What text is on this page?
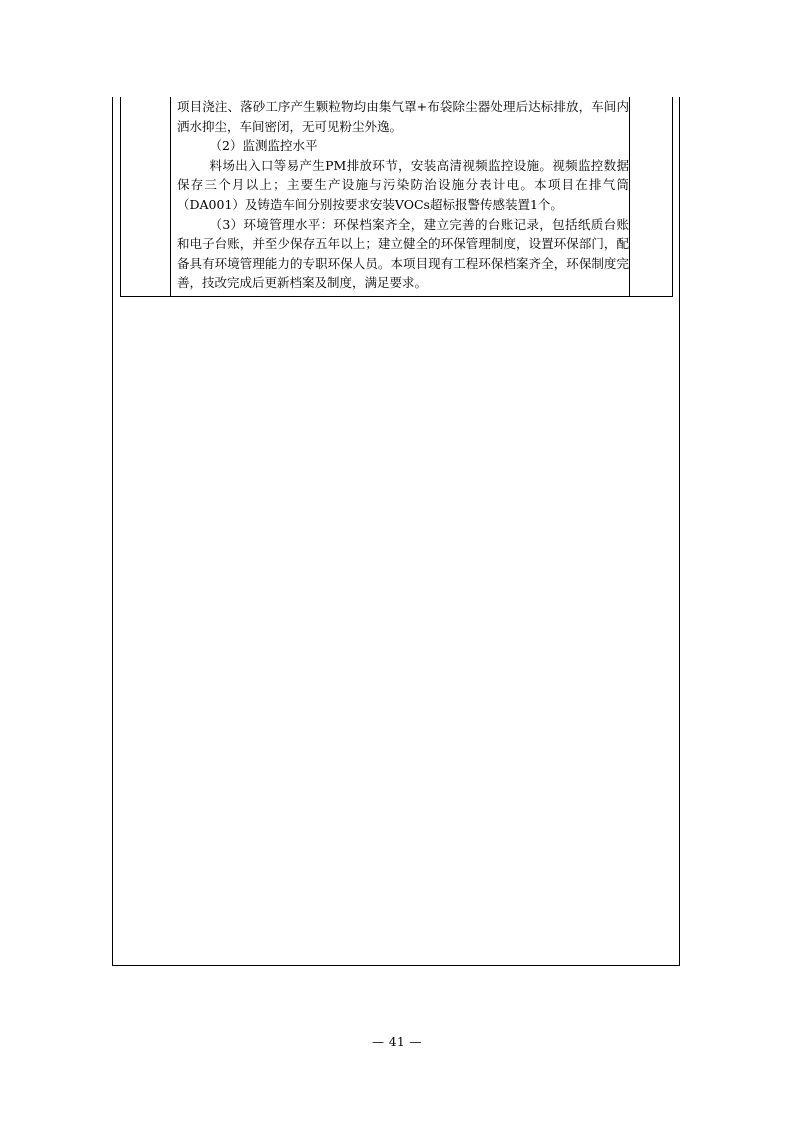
项目浇注、落砂工序产生颗粒物均由集气罩+布袋除尘器处理后达标排放，车间内洒水抑尘，车间密闭，无可见粉尘外逸。

（2）监测监控水平

料场出入口等易产生PM排放环节，安装高清视频监控设施。视频监控数据保存三个月以上；主要生产设施与污染防治设施分表计电。本项目在排气筒（DA001）及铸造车间分别按要求安装VOCs超标报警传感装置1个。

（3）环境管理水平：环保档案齐全，建立完善的台账记录，包括纸质台账和电子台账，并至少保存五年以上；建立健全的环保管理制度，设置环保部门，配备具有环境管理能力的专职环保人员。本项目现有工程环保档案齐全，环保制度完善，技改完成后更新档案及制度，满足要求。

— 41 —
